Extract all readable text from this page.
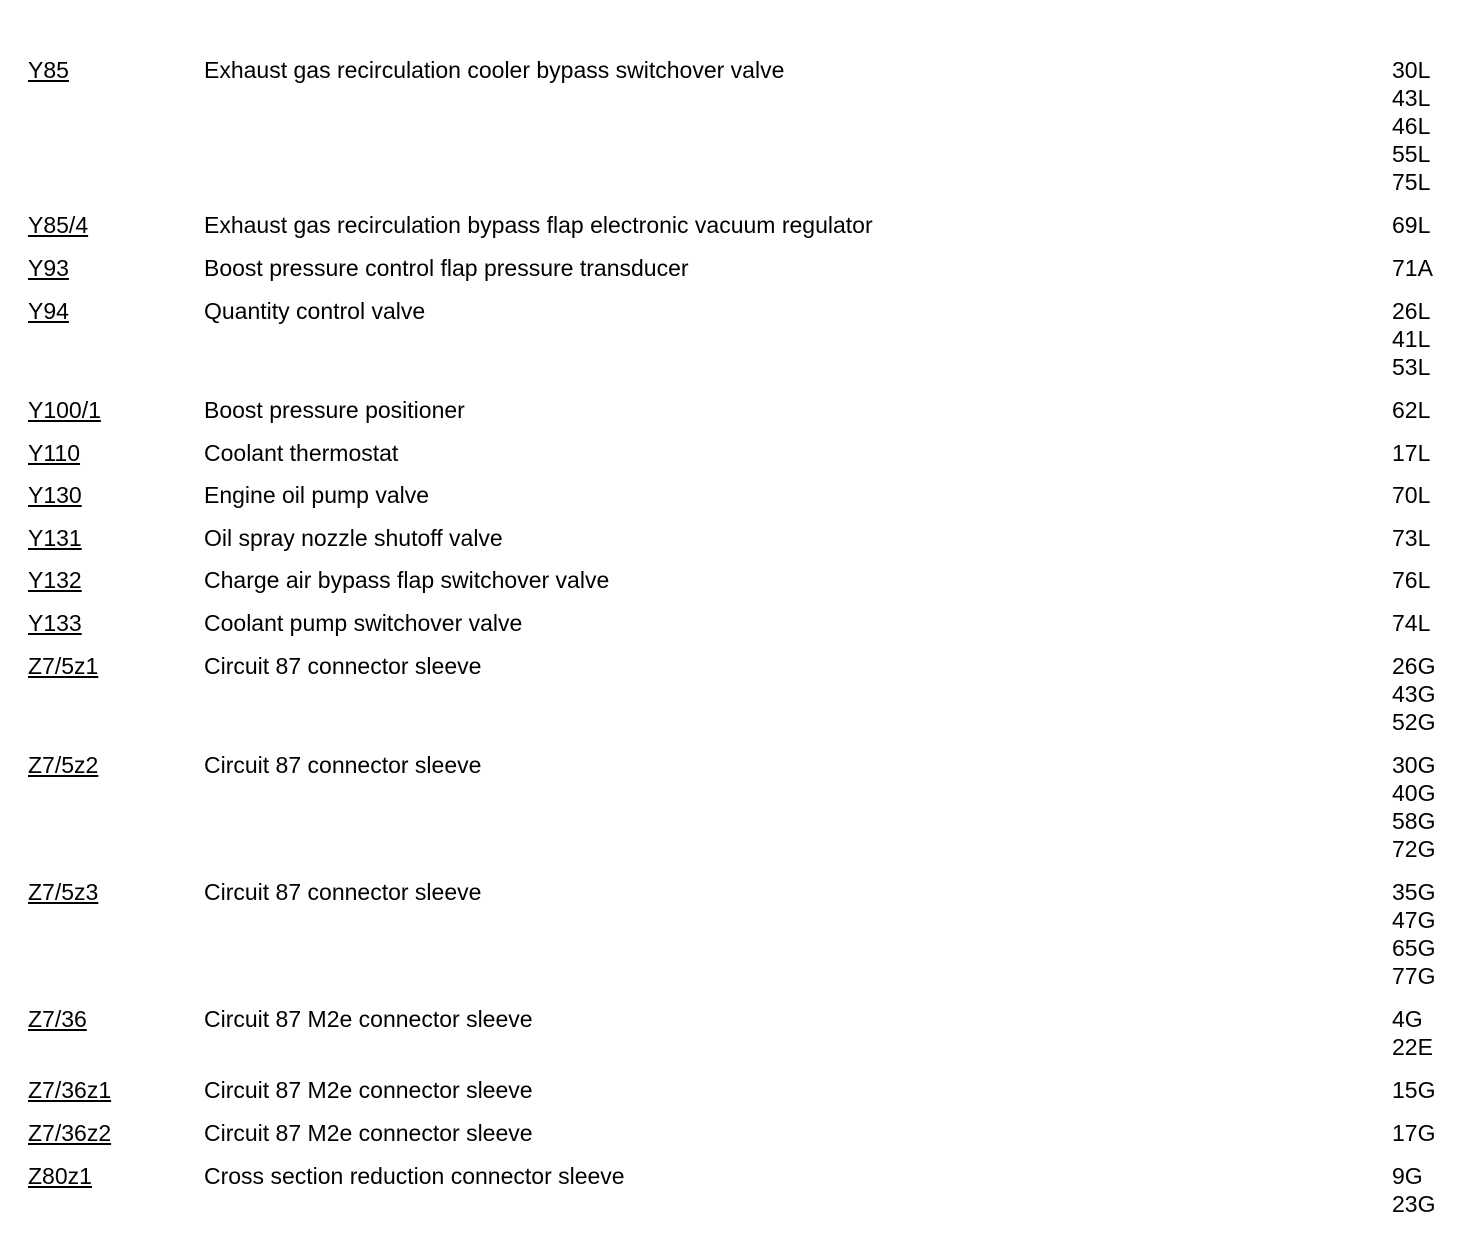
Y85	Exhaust gas recirculation cooler bypass switchover valve	30L
43L
46L
55L
75L
Y85/4	Exhaust gas recirculation bypass flap electronic vacuum regulator	69L
Y93	Boost pressure control flap pressure transducer	71A
Y94	Quantity control valve	26L
41L
53L
Y100/1	Boost pressure positioner	62L
Y110	Coolant thermostat	17L
Y130	Engine oil pump valve	70L
Y131	Oil spray nozzle shutoff valve	73L
Y132	Charge air bypass flap switchover valve	76L
Y133	Coolant pump switchover valve	74L
Z7/5z1	Circuit 87 connector sleeve	26G
43G
52G
Z7/5z2	Circuit 87 connector sleeve	30G
40G
58G
72G
Z7/5z3	Circuit 87 connector sleeve	35G
47G
65G
77G
Z7/36	Circuit 87 M2e connector sleeve	4G
22E
Z7/36z1	Circuit 87 M2e connector sleeve	15G
Z7/36z2	Circuit 87 M2e connector sleeve	17G
Z80z1	Cross section reduction connector sleeve	9G
23G
